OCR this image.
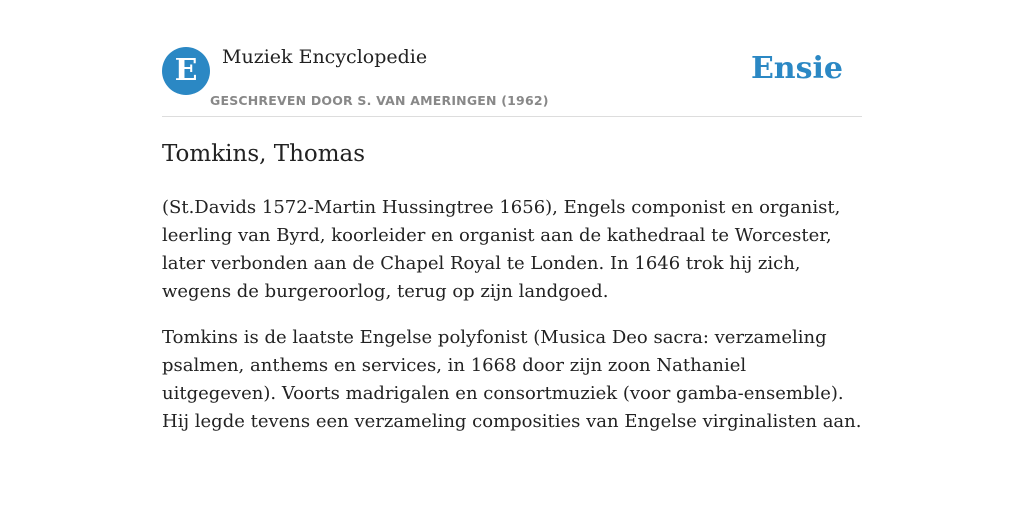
E	Muziek Encyclopedie
GESCHREVEN DOOR S. VAN AMERINGEN (1962)
Ensie
Tomkins, Thomas

(St.Davids 1572-Martin Hussingtree 1656), Engels componist en organist, leerling van Byrd, koorleider en organist aan de kathedraal te Worcester, later verbonden aan de Chapel Royal te Londen. In 1646 trok hij zich, wegens de burgeroorlog, terug op zijn landgoed.

Tomkins is de laatste Engelse polyfonist (Musica Deo sacra: verzameling psalmen, anthems en services, in 1668 door zijn zoon Nathaniel uitgegeven). Voorts madrigalen en consortmuziek (voor gamba-ensemble). Hij legde tevens een verzameling composities van Engelse virginalisten aan.
